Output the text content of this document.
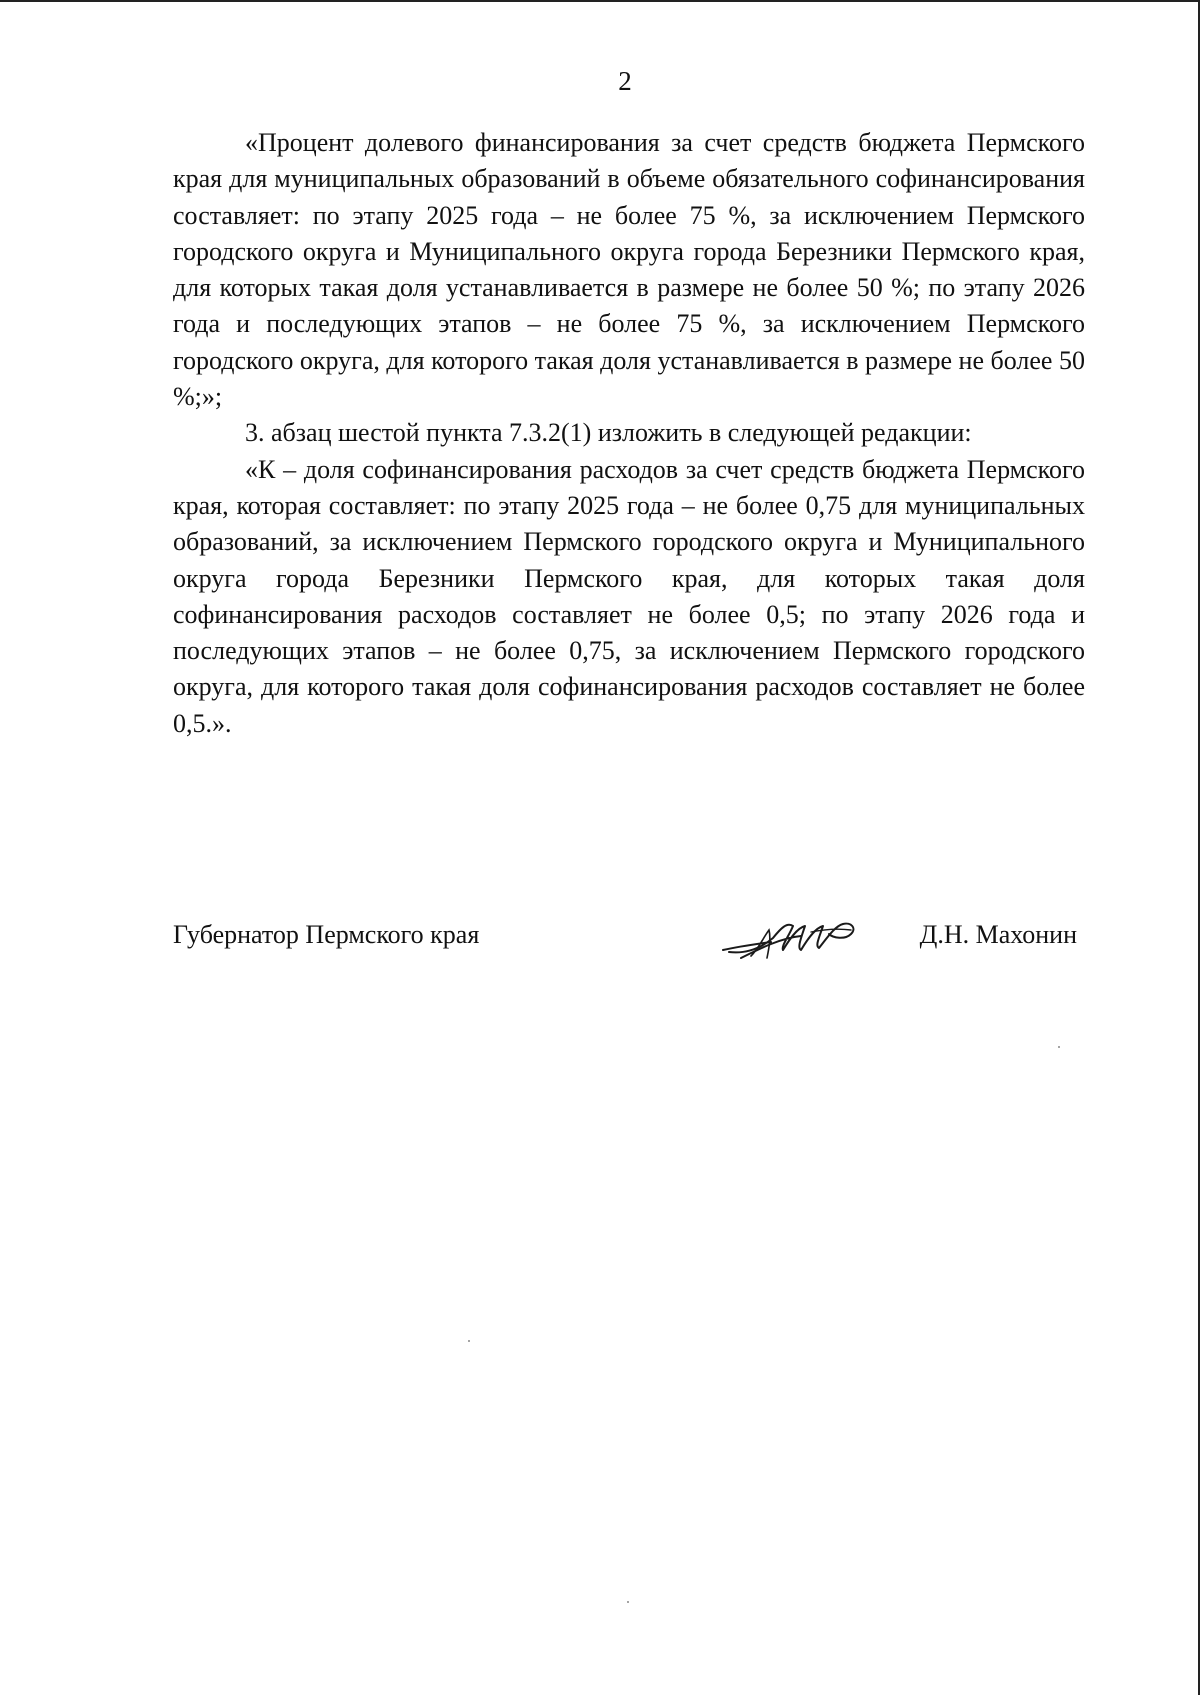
2

«Процент долевого финансирования за счет средств бюджета Пермского края для муниципальных образований в объеме обязательного софинансирования составляет: по этапу 2025 года – не более 75 %, за исключением Пермского городского округа и Муниципального округа города Березники Пермского края, для которых такая доля устанавливается в размере не более 50 %; по этапу 2026 года и последующих этапов – не более 75 %, за исключением Пермского городского округа, для которого такая доля устанавливается в размере не более 50 %;»;

3. абзац шестой пункта 7.3.2(1) изложить в следующей редакции:

«К – доля софинансирования расходов за счет средств бюджета Пермского края, которая составляет: по этапу 2025 года – не более 0,75 для муниципальных образований, за исключением Пермского городского округа и Муниципального округа города Березники Пермского края, для которых такая доля софинансирования расходов составляет не более 0,5; по этапу 2026 года и последующих этапов – не более 0,75, за исключением Пермского городского округа, для которого такая доля софинансирования расходов составляет не более 0,5.».

Губернатор Пермского края	Д.Н. Махонин
